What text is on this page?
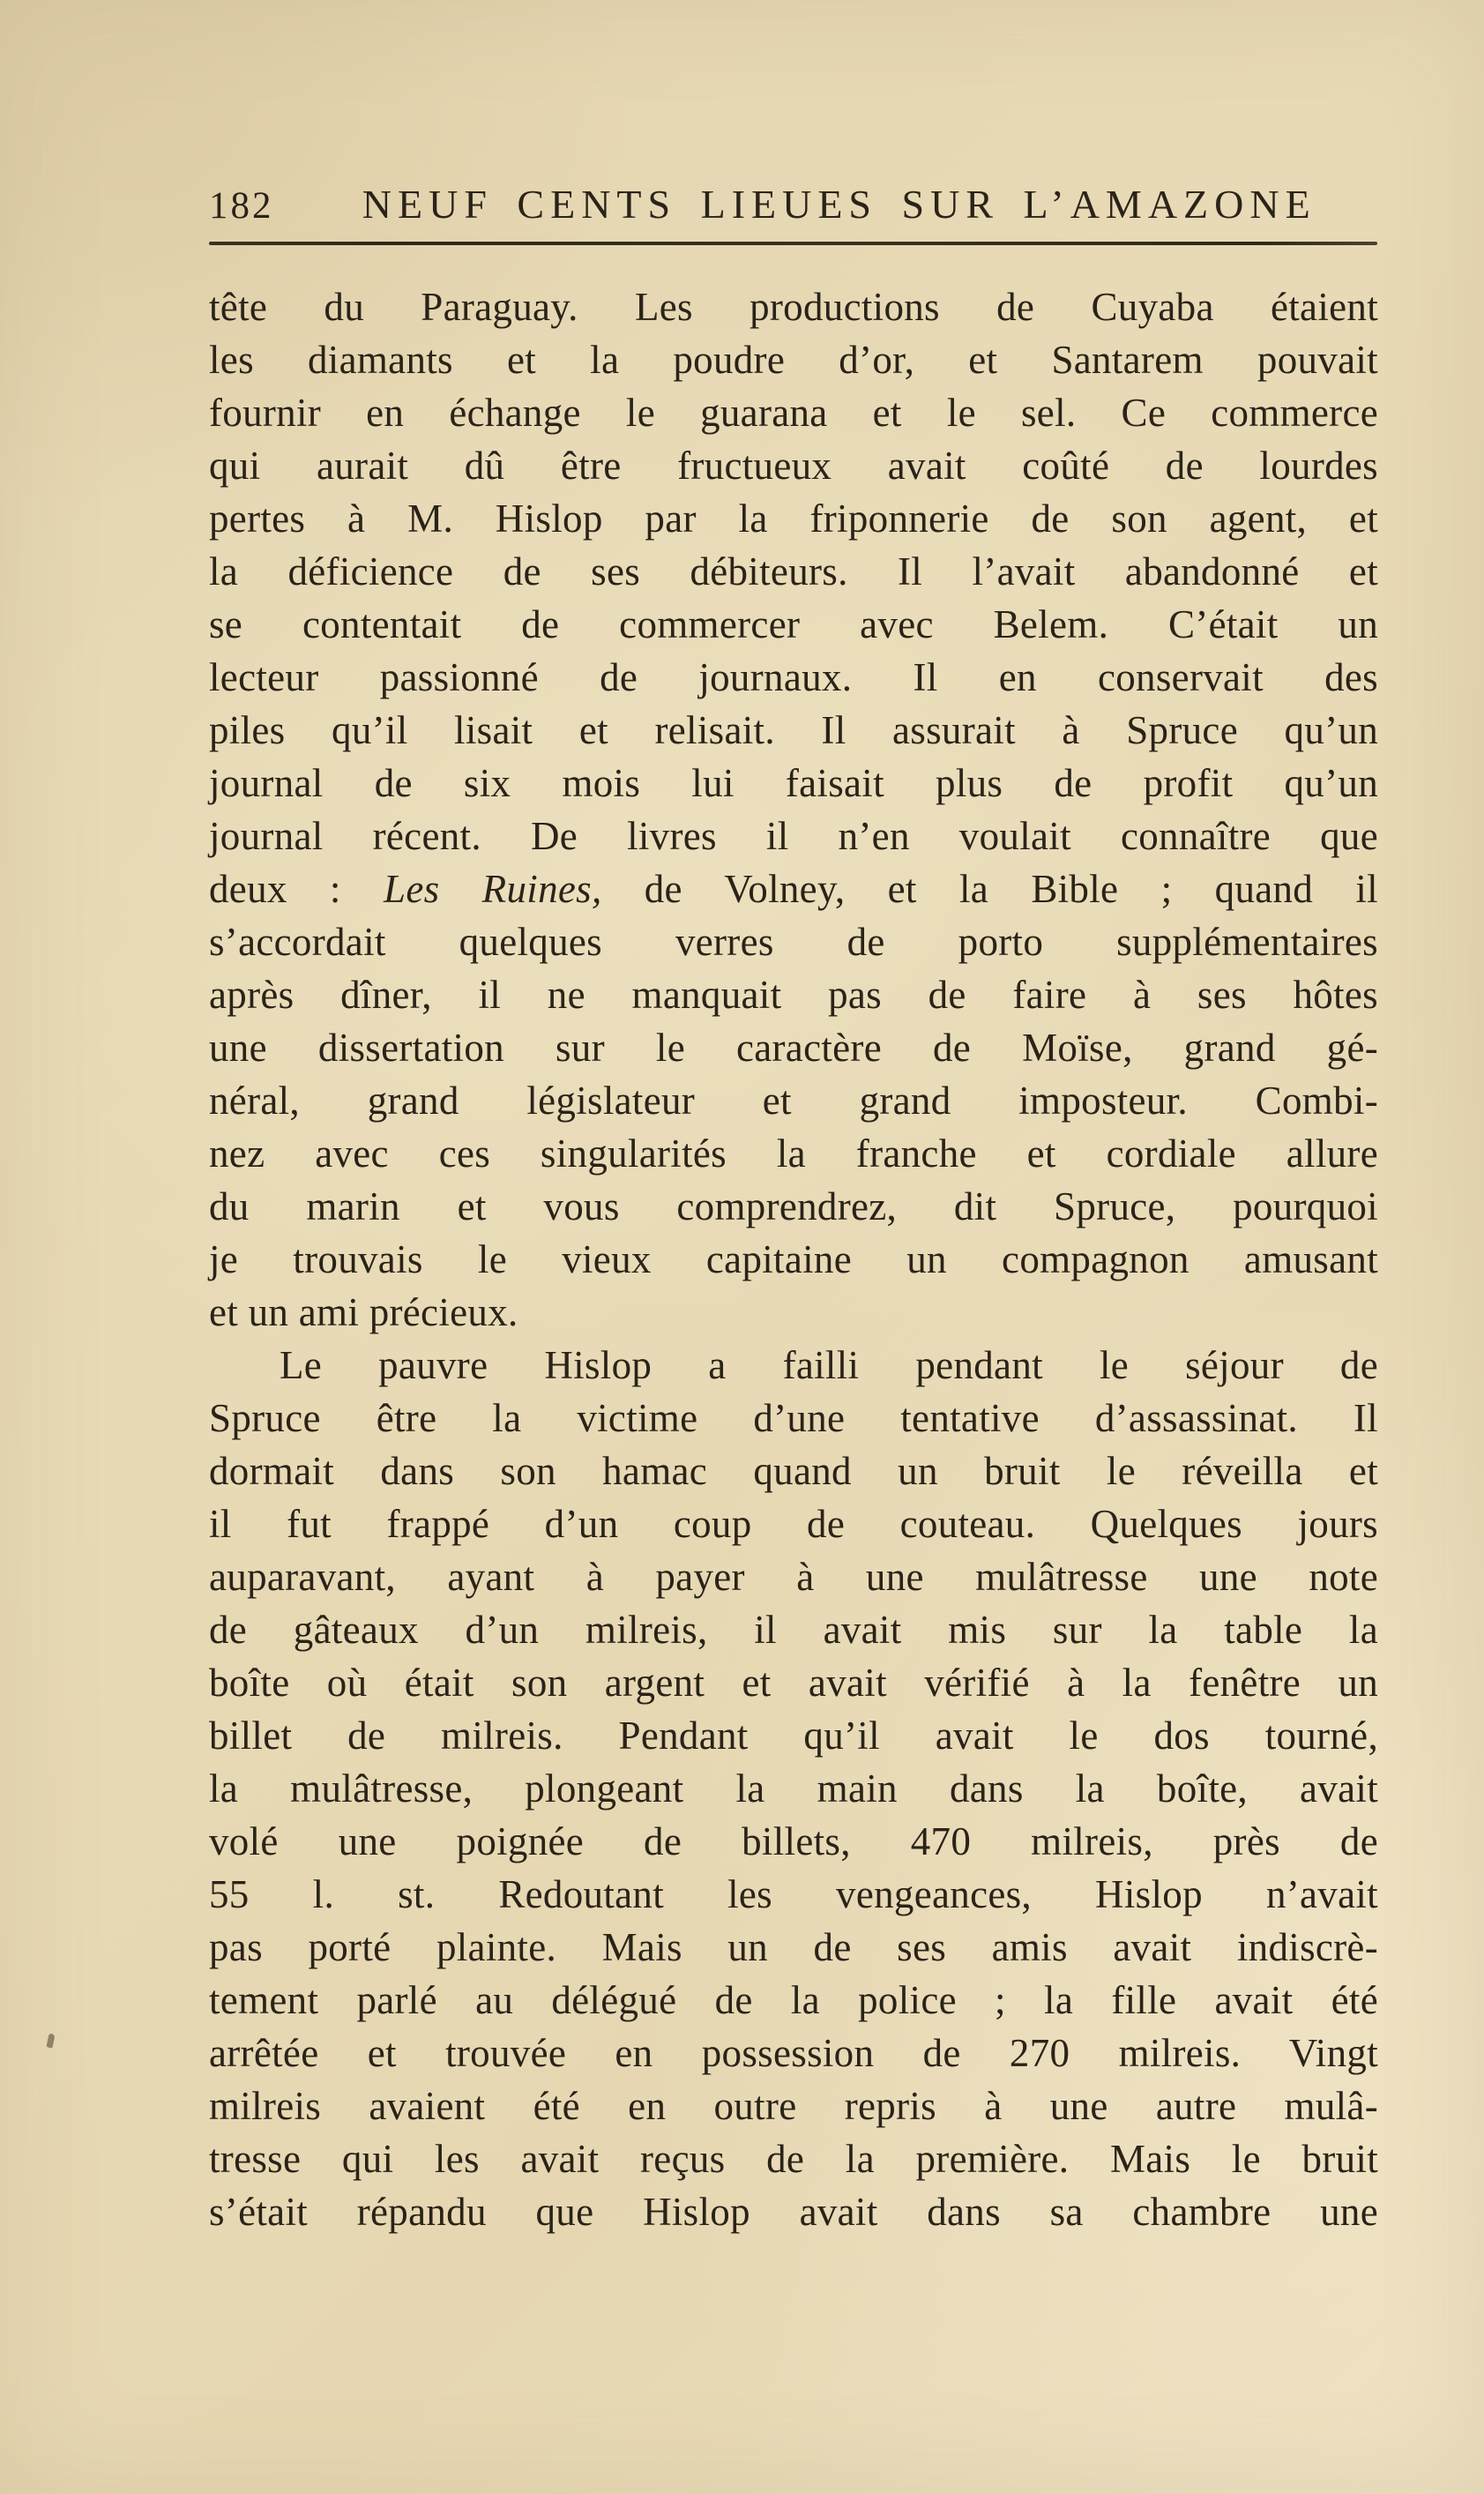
182	NEUF CENTS LIEUES SUR L’AMAZONE
tête du Paraguay. Les productions de Cuyaba étaient
les diamants et la poudre d’or, et Santarem pouvait
fournir en échange le guarana et le sel. Ce commerce
qui aurait dû être fructueux avait coûté de lourdes
pertes à M. Hislop par la friponnerie de son agent, et
la déficience de ses débiteurs. Il l’avait abandonné et
se contentait de commercer avec Belem. C’était un
lecteur passionné de journaux. Il en conservait des
piles qu’il lisait et relisait. Il assurait à Spruce qu’un
journal de six mois lui faisait plus de profit qu’un
journal récent. De livres il n’en voulait connaître que
deux : Les Ruines, de Volney, et la Bible ; quand il
s’accordait quelques verres de porto supplémentaires
après dîner, il ne manquait pas de faire à ses hôtes
une dissertation sur le caractère de Moïse, grand gé-
néral, grand législateur et grand imposteur. Combi-
nez avec ces singularités la franche et cordiale allure
du marin et vous comprendrez, dit Spruce, pourquoi
je trouvais le vieux capitaine un compagnon amusant
et un ami précieux.
Le pauvre Hislop a failli pendant le séjour de
Spruce être la victime d’une tentative d’assassinat. Il
dormait dans son hamac quand un bruit le réveilla et
il fut frappé d’un coup de couteau. Quelques jours
auparavant, ayant à payer à une mulâtresse une note
de gâteaux d’un milreis, il avait mis sur la table la
boîte où était son argent et avait vérifié à la fenêtre un
billet de milreis. Pendant qu’il avait le dos tourné,
la mulâtresse, plongeant la main dans la boîte, avait
volé une poignée de billets, 470 milreis, près de
55 l. st. Redoutant les vengeances, Hislop n’avait
pas porté plainte. Mais un de ses amis avait indiscrè-
tement parlé au délégué de la police ; la fille avait été
arrêtée et trouvée en possession de 270 milreis. Vingt
milreis avaient été en outre repris à une autre mulâ-
tresse qui les avait reçus de la première. Mais le bruit
s’était répandu que Hislop avait dans sa chambre une
